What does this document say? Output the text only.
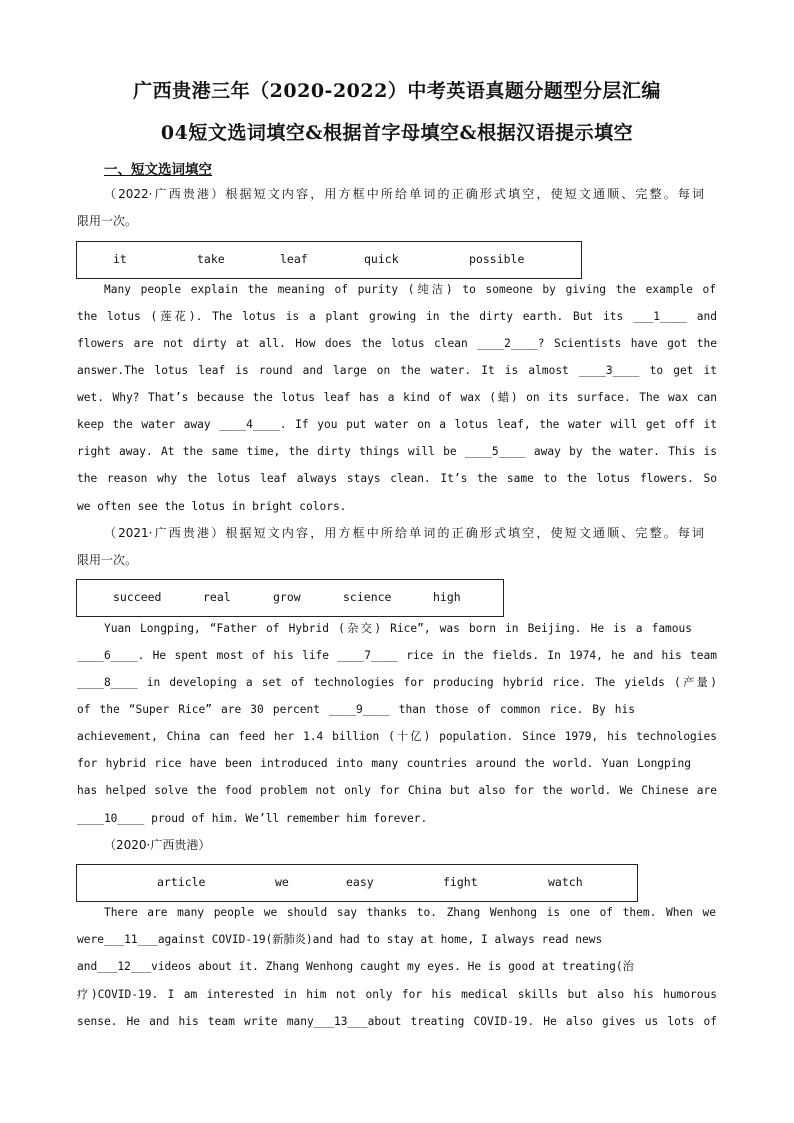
广西贵港三年（2020-2022）中考英语真题分题型分层汇编
04短文选词填空&根据首字母填空&根据汉语提示填空
一、短文选词填空
（2022·广西贵港）根据短文内容，用方框中所给单词的正确形式填空，使短文通顺、完整。每词
限用一次。
it	take	leaf	quick	possible
Many people explain the meaning of purity (纯洁) to someone by giving the example of
the lotus (莲花). The lotus is a plant growing in the dirty earth. But its ___1____ and
flowers are not dirty at all. How does the lotus clean ____2____? Scientists have got the
answer.The lotus leaf is round and large on the water. It is almost ____3____ to get it
wet. Why? That’s because the lotus leaf has a kind of wax (蜡) on its surface. The wax can
keep the water away ____4____. If you put water on a lotus leaf, the water will get off it
right away. At the same time, the dirty things will be ____5____ away by the water. This is
the reason why the lotus leaf always stays clean. It’s the same to the lotus flowers. So
we often see the lotus in bright colors.
（2021·广西贵港）根据短文内容，用方框中所给单词的正确形式填空，使短文通顺、完整。每词
限用一次。
succeed	real	grow	science	high
Yuan Longping, “Father of Hybrid (杂交) Rice”, was born in Beijing. He is a famous
____6____. He spent most of his life ____7____ rice in the fields. In 1974, he and his team
____8____ in developing a set of technologies for producing hybrid rice. The yields (产量)
of the “Super Rice” are 30 percent ____9____ than those of common rice. By his
achievement, China can feed her 1.4 billion (十亿) population. Since 1979, his technologies
for hybrid rice have been introduced into many countries around the world. Yuan Longping
has helped solve the food problem not only for China but also for the world. We Chinese are
____10____ proud of him. We’ll remember him forever.
（2020·广西贵港）
article	we	easy	fight	watch
There are many people we should say thanks to. Zhang Wenhong is one of them. When we
were___11___against COVID-19(新肺炎)and had to stay at home, I always read news
and___12___videos about it. Zhang Wenhong caught my eyes. He is good at treating(治
疗)COVID-19. I am interested in him not only for his medical skills but also his humorous
sense. He and his team write many___13___about treating COVID-19. He also gives us lots of
